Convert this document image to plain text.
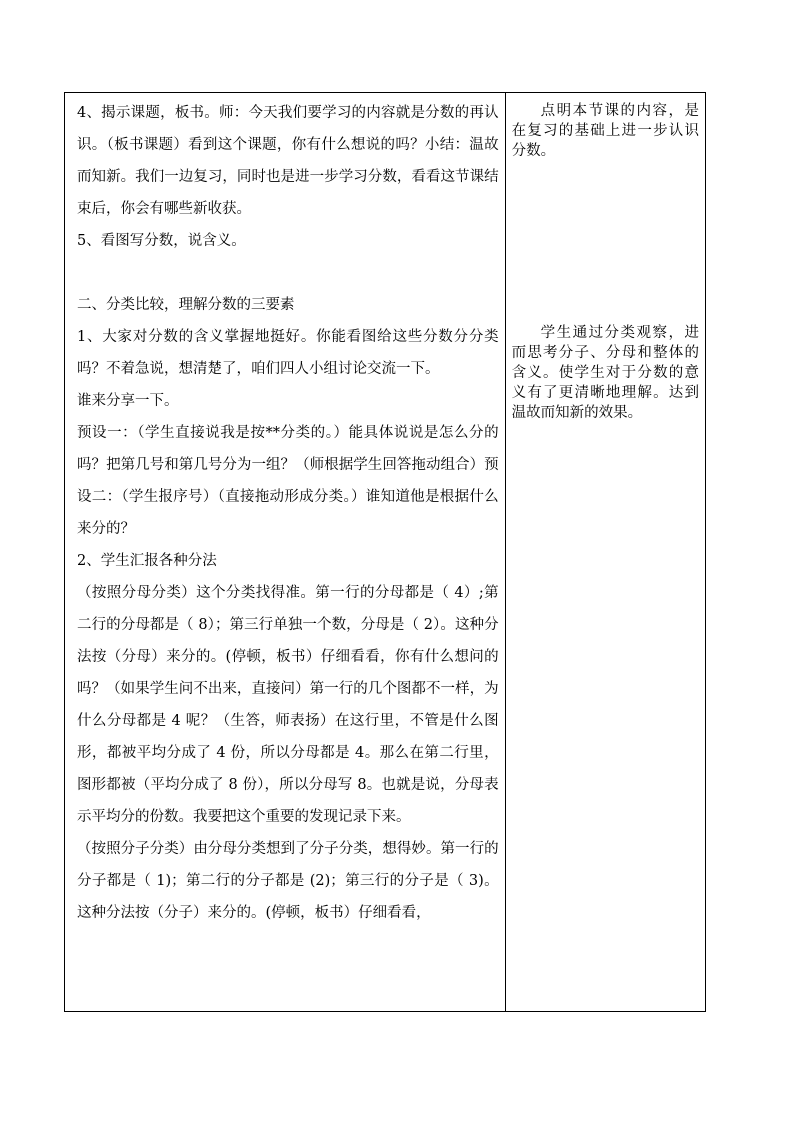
4、揭示课题，板书。师：今天我们要学习的内容就是分数的再认识。（板书课题）看到这个课题，你有什么想说的吗？小结：温故而知新。我们一边复习，同时也是进一步学习分数，看看这节课结束后，你会有哪些新收获。

5、看图写分数，说含义。

二、分类比较，理解分数的三要素

1、大家对分数的含义掌握地挺好。你能看图给这些分数分分类吗？不着急说，想清楚了，咱们四人小组讨论交流一下。

谁来分享一下。

预设一：（学生直接说我是按**分类的。）能具体说说是怎么分的吗？把第几号和第几号分为一组？（师根据学生回答拖动组合）预设二：（学生报序号）（直接拖动形成分类。）谁知道他是根据什么来分的？

2、学生汇报各种分法

（按照分母分类）这个分类找得准。第一行的分母都是（ 4）;第二行的分母都是（ 8）；第三行单独一个数，分母是（ 2）。这种分法按（分母）来分的。(停顿，板书）仔细看看，你有什么想问的吗？（如果学生问不出来，直接问）第一行的几个图都不一样，为什么分母都是 4 呢？（生答，师表扬）在这行里，不管是什么图形，都被平均分成了 4 份，所以分母都是 4。那么在第二行里，图形都被（平均分成了 8 份），所以分母写 8。也就是说，分母表示平均分的份数。我要把这个重要的发现记录下来。

（按照分子分类）由分母分类想到了分子分类，想得妙。第一行的分子都是（ 1)；第二行的分子都是 (2)；第三行的分子是（ 3)。这种分法按（分子）来分的。(停顿，板书）仔细看看，

点明本节课的内容，是在复习的基础上进一步认识分数。

学生通过分类观察，进而思考分子、分母和整体的含义。使学生对于分数的意义有了更清晰地理解。达到温故而知新的效果。
